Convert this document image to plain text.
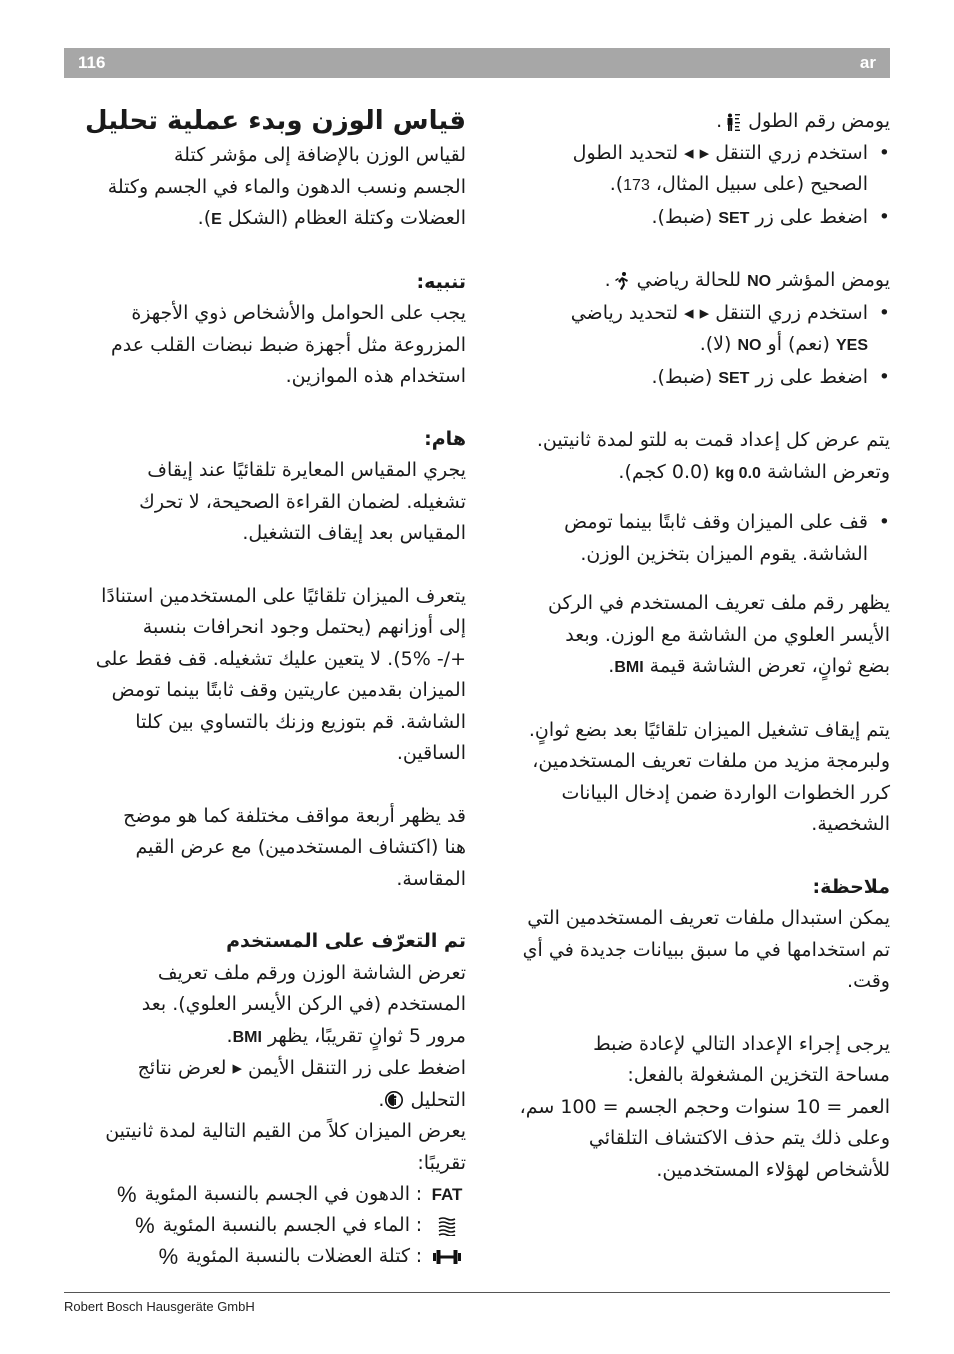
116	ar
يومض رقم الطول
.
•
استخدم زري التنقل ▸ ◂ لتحديد الطول
الصحيح (على سبيل المثال، 173).
•
اضغط على زر SET (ضبط).
يومض المؤشر NO للحالة رياضي
.
•
استخدم زري التنقل ▸ ◂ لتحديد رياضي
YES (نعم) أو NO (لا).
•
اضغط على زر SET (ضبط).
يتم عرض كل إعداد قمت به للتو لمدة ثانيتين.
وتعرض الشاشة 0.0 kg (0.0 كجم).
•
قف على الميزان وقف ثابتًا بينما تومض
الشاشة. يقوم الميزان بتخزين الوزن.
يظهر رقم ملف تعريف المستخدم في الركن
الأيسر العلوي من الشاشة مع الوزن. وبعد
بضع ثوانٍ، تعرض الشاشة قيمة BMI.
يتم إيقاف تشغيل الميزان تلقائيًا بعد بضع ثوانٍ.
ولبرمجة مزيد من ملفات تعريف المستخدمين،
كرر الخطوات الواردة ضمن إدخال البيانات
الشخصية.
ملاحظة:
يمكن استبدال ملفات تعريف المستخدمين التي
تم استخدامها في ما سبق ببيانات جديدة في أي
وقت.
يرجى إجراء الإعداد التالي لإعادة ضبط
مساحة التخزين المشغولة بالفعل:
العمر = 10 سنوات وحجم الجسم = 100 سم،
وعلى ذلك يتم حذف الاكتشاف التلقائي
للأشخاص لهؤلاء المستخدمين.
قياس الوزن وبدء عملية تحليل
لقياس الوزن بالإضافة إلى مؤشر كتلة
الجسم ونسب الدهون والماء في الجسم وكتلة
العضلات وكتلة العظام (الشكل E).
تنبيه:
يجب على الحوامل والأشخاص ذوي الأجهزة
المزروعة مثل أجهزة ضبط نبضات القلب عدم
استخدام هذه الموازين.
هام:
يجري المقياس المعايرة تلقائيًا عند إيقاف
تشغيله. لضمان القراءة الصحيحة، لا تحرك
المقياس بعد إيقاف التشغيل.
يتعرف الميزان تلقائيًا على المستخدمين استنادًا
إلى أوزانهم (يحتمل وجود انحرافات بنسبة
+/- 5%). لا يتعين عليك تشغيله. قف فقط على
الميزان بقدمين عاريتين وقف ثابتًا بينما تومض
الشاشة. قم بتوزيع وزنك بالتساوي بين كلتا
الساقين.
قد يظهر أربعة مواقف مختلفة كما هو موضح
هنا (اكتشاف المستخدمين) مع عرض القيم
المقاسة.
تم التعرّف على المستخدم
تعرض الشاشة الوزن ورقم ملف تعريف
المستخدم (في الركن الأيسر العلوي). بعد
مرور 5 ثوانٍ تقريبًا، يظهر BMI.
اضغط على زر التنقل الأيمن ▸ لعرض نتائج
التحليل
.
يعرض الميزان كلاً من القيم التالية لمدة ثانيتين
تقريبًا:
FAT
:
الدهون في الجسم بالنسبة المئوية
%
:
الماء في الجسم بالنسبة المئوية
%
:
كتلة العضلات بالنسبة المئوية
%
Robert Bosch Hausgeräte GmbH
